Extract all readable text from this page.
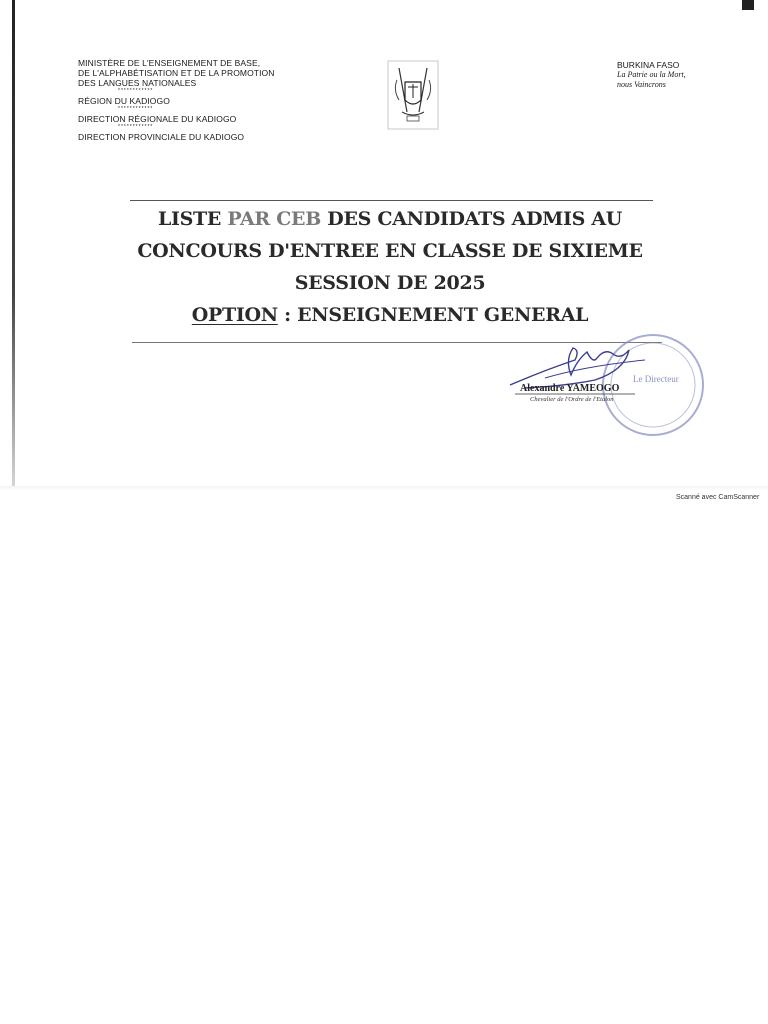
MINISTÈRE DE L'ENSEIGNEMENT DE BASE,
DE L'ALPHABÉTISATION ET DE LA PROMOTION
DES LANGUES NATIONALES
************
RÉGION DU KADIOGO
************
DIRECTION RÉGIONALE DU KADIOGO
************
DIRECTION PROVINCIALE DU KADIOGO
BURKINA FASO
La Patrie ou la Mort,
nous Vaincrons
LISTE PAR CEB DES CANDIDATS ADMIS AU
CONCOURS D'ENTREE EN CLASSE DE SIXIEME
SESSION DE 2025
OPTION : ENSEIGNEMENT GENERAL
Le Directeur
Alexandre YAMEOGO
Chevalier de l'Ordre de l'Etalon
Scanné avec CamScanner
